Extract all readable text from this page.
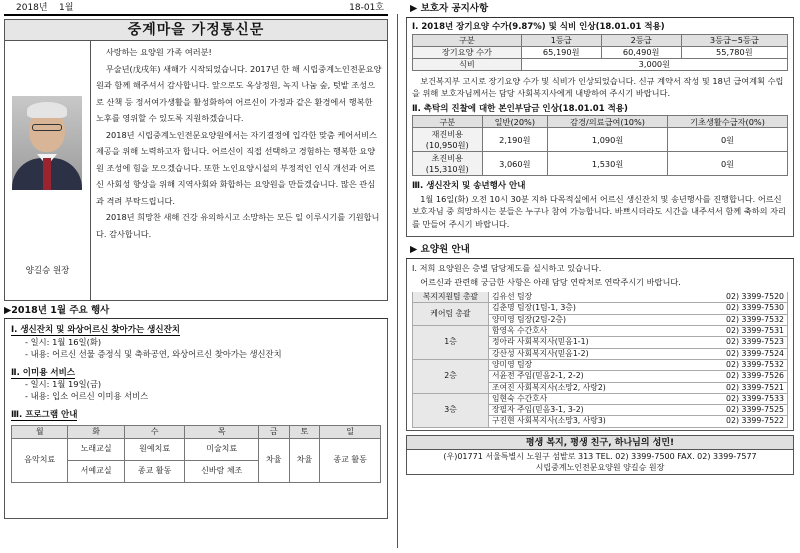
2018년 1월	18-01호
중계마을 가정통신문
양길승 원장

사랑하는 요양원 가족 여러분!

무술년(戊戌年) 새해가 시작되었습니다. 2017년 한 해 시립중계노인전문요양원과 함께 해주셔서 감사합니다. 앞으로도 옥상정원, 녹지 나눔 숲, 텃밭 조성으로 산책 등 정서여가생활을 활성화하여 어르신이 가정과 같은 환경에서 행복한 노후를 영위할 수 있도록 지원하겠습니다.

2018년 시립중계노인전문요양원에서는 자기결정에 입각한 맞춤 케어서비스 제공을 위해 노력하고자 합니다. 어르신이 직접 선택하고 경험하는 행복한 요양원 조성에 힘을 모으겠습니다. 또한 노인요양시설의 부정적인 인식 개선과 어르신 사회성 향상을 위해 지역사회와 화합하는 요양원을 만들겠습니다. 많은 관심과 격려 부탁드립니다.

2018년 희망찬 새해 건강 유의하시고 소망하는 모든 일 이루시기를 기원합니다. 감사합니다.

▶2018년 1월 주요 행사
Ⅰ. 생신잔치 및 와상어르신 찾아가는 생신잔치
- 일시: 1월 16일(화)
- 내용: 어르신 선물 증정식 및 축하공연, 와상어르신 찾아가는 생신잔치
Ⅱ. 이미용 서비스
- 일시: 1월 19일(금)
- 내용: 입소 어르신 이미용 서비스
Ⅲ. 프로그램 안내
월	화	수	목	금	토	일
음악치료	노래교실	원예치료	미술치료	차율	차율	종교 활동
	서예교실	종교 활동	신바람 체조			
▶ 보호자 공지사항
Ⅰ. 2018년 장기요양 수가(9.87%) 및 식비 인상(18.01.01 적용)
구분	1등급	2등급	3등급~5등급
장기요양 수가	65,190원	60,490원	55,780원
식비	3,000원		
보건복지부 고시로 장기요양 수가 및 식비가 인상되었습니다. 신규 계약서 작성 및 18년 급여계획 수립을 위해 보호자님께서는 담당 사회복지사에게 내방하여 주시기 바랍니다.
Ⅱ. 촉탁의 진찰에 대한 본인부담금 인상(18.01.01 적용)
구분	일반(20%)	감경/의료급여(10%)	기초생활수급자(0%)
재진비용
(10,950원)	2,190원	1,090원	0원
초진비용
(15,310원)	3,060원	1,530원	0원
Ⅲ. 생신잔치 및 송년행사 안내
1월 16일(화) 오전 10시 30분 지하 다목적실에서 어르신 생신잔치 및 송년행사를 진행합니다. 어르신 보호자님 중 희망하시는 분들은 누구나 참여 가능합니다. 바쁘시더라도 시간을 내주셔서 함께 축하의 자리를 만들어 주시기 바랍니다.
▶ 요양원 안내
Ⅰ. 저희 요양원은 층별 담당제도를 실시하고 있습니다.
어르신과 관련해 궁금한 사항은 아래 담당 연락처로 연락주시기 바랍니다.
복지지원팀 총괄	김유선 팀장	02) 3399-7520
케어팀 총괄	김춘명 팀장(1팀-1, 3층)	02) 3399-7530
	양미영 팀장(2팀-2층)	02) 3399-7532
1층	함영옥 수간호사	02) 3399-7531
	정아라 사회복지사(믿음1-1)	02) 3399-7523
	강산성 사회복지사(믿음1-2)	02) 3399-7524
2층	양미영 팀장	02) 3399-7532
	서윤전 주임(믿음2-1, 2-2)	02) 3399-7526
	조여진 사회복지사(소망2, 사랑2)	02) 3399-7521
3층	임현숙 수간호사	02) 3399-7533
	장필자 주임(믿음3-1, 3-2)	02) 3399-7525
	구진현 사회복지사(소망3, 사랑3)	02) 3399-7522
평생 복지, 평생 친구, 하나님의 성민!
(우)01771 서울특별시 노원구 섬밭로 313 TEL. 02) 3399-7500 FAX. 02) 3399-7577
시립중계노인전문요양원 양길승 원장
